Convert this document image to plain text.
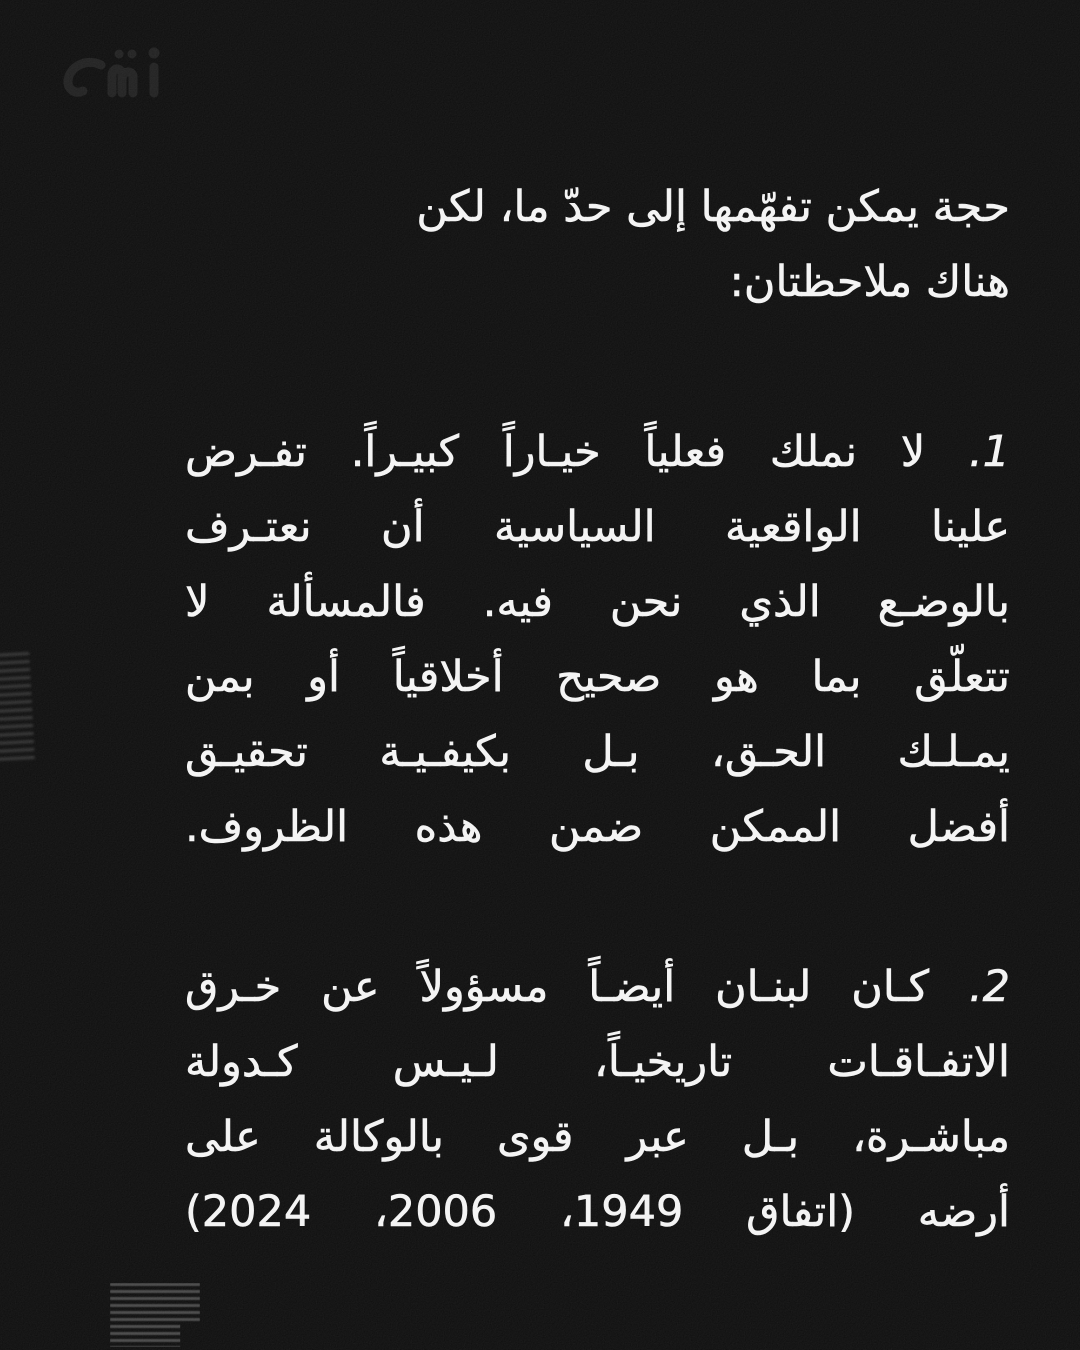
حجة يمكن تفهّمها إلى حدّ ما، لكن
هناك ملاحظتان:
1. لا نملك فعلياً خيـاراً كبيـراً. تفـرض
علينا الواقعية السياسية أن نعتـرف
بالوضـع الذي نحن فيه. فالمسألة لا
تتعلّق بما هو صحيح أخلاقياً أو بمن
يمـلـك الحـق، بـل بكيفـيـة تحقيـق
أفضل الممكن ضمن هذه الظروف.
2. كـان لبنـان أيضـاً مسؤولاً عن خـرق
الاتفـاقـات تاريخيـاً، لـيـس كـدولة
مباشـرة، بـل عبر قوى بالوكالة على
أرضه (اتفاق 1949، 2006، 2024)
